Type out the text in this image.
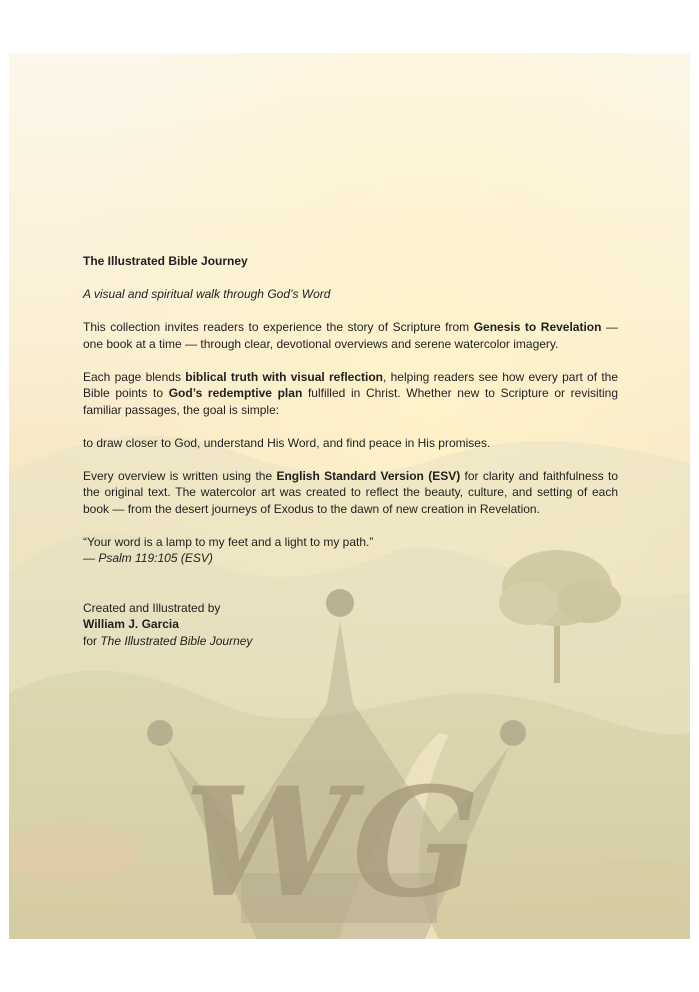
WG

The Illustrated Bible Journey

A visual and spiritual walk through God’s Word

This collection invites readers to experience the story of Scripture from Genesis to Revelation — one book at a time — through clear, devotional overviews and serene watercolor imagery.

Each page blends biblical truth with visual reflection, helping readers see how every part of the Bible points to God’s redemptive plan fulfilled in Christ. Whether new to Scripture or revisiting familiar passages, the goal is simple:

to draw closer to God, understand His Word, and find peace in His promises.

Every overview is written using the English Standard Version (ESV) for clarity and faithfulness to the original text. The watercolor art was created to reflect the beauty, culture, and setting of each book — from the desert journeys of Exodus to the dawn of new creation in Revelation.

“Your word is a lamp to my feet and a light to my path.”

— Psalm 119:105 (ESV)

Created and Illustrated by

William J. Garcia

for The Illustrated Bible Journey
